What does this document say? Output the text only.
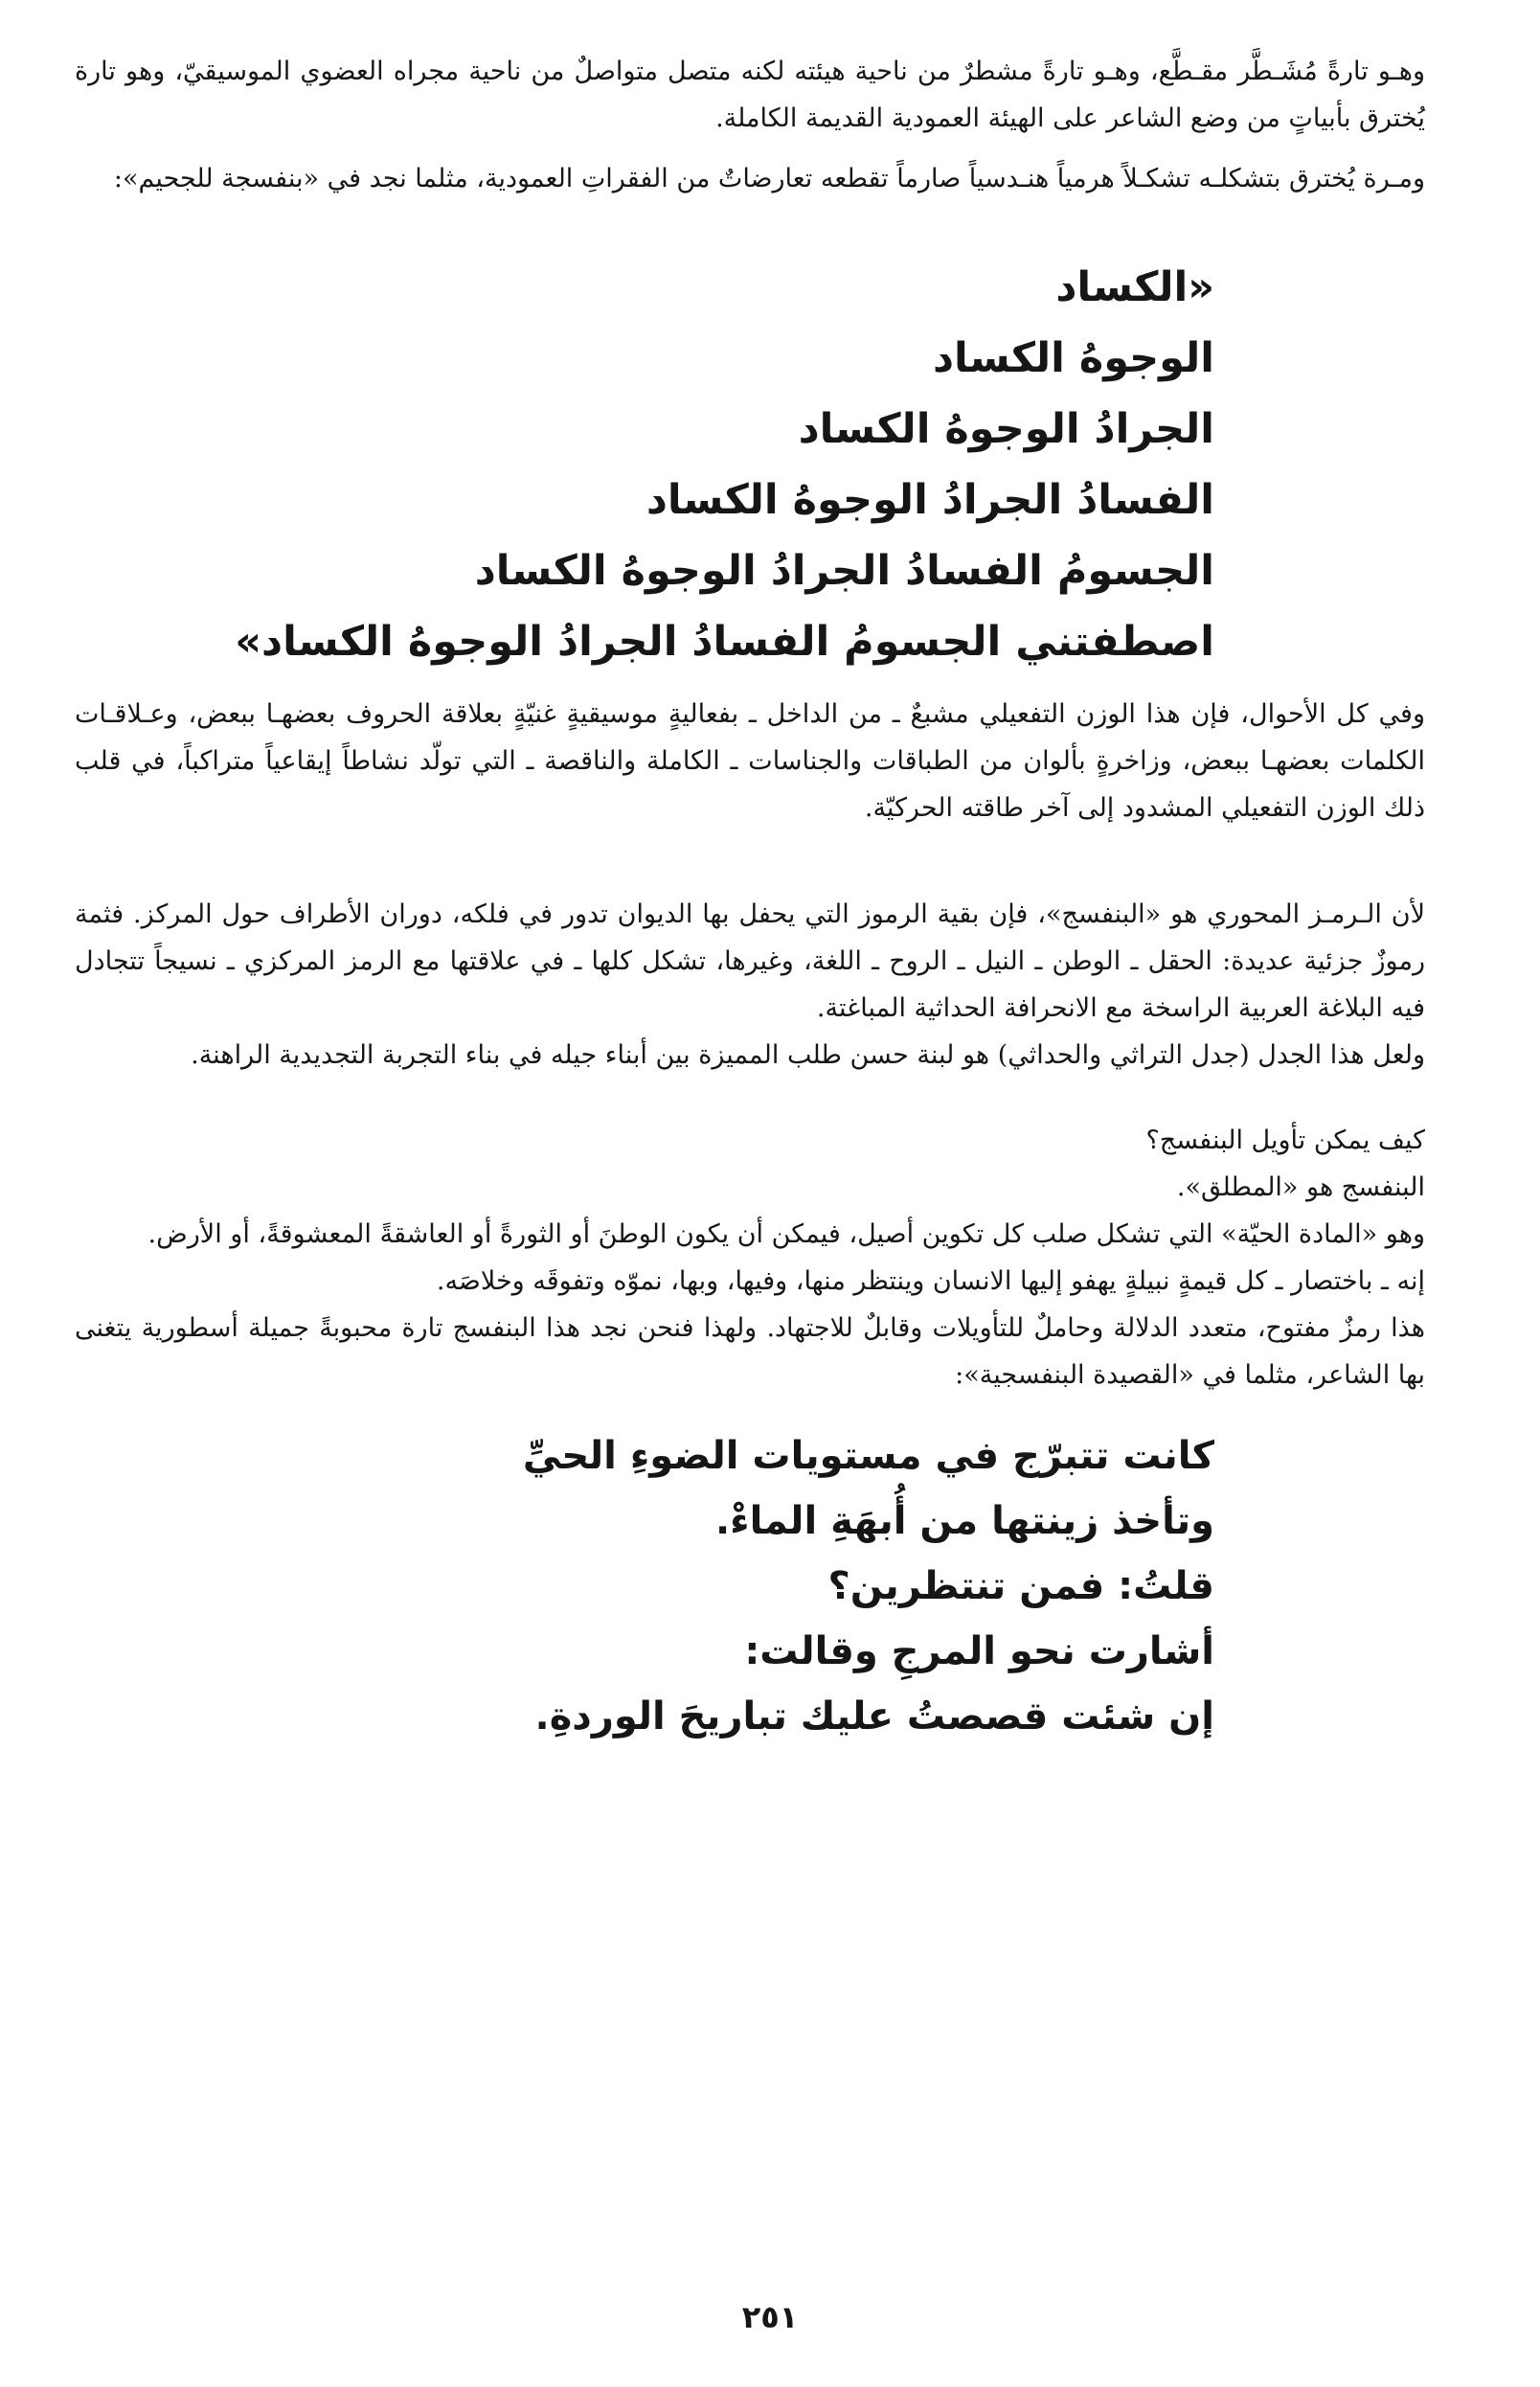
وهـو تارةً مُشَـطَّر مقـطَّع، وهـو تارةً مشطرٌ من ناحية هيئته لكنه متصل متواصلٌ من ناحية مجراه العضوي الموسيقيّ، وهو تارة يُخترق بأبياتٍ من وضع الشاعر على الهيئة العمودية القديمة الكاملة.

ومـرة يُخترق بتشكلـه تشكـلاً هرمياً هنـدسياً صارماً تقطعه تعارضاتٌ من الفقراتِ العمودية، مثلما نجد في «بنفسجة للجحيم»:

«الكساد
الوجوهُ الكساد
الجرادُ الوجوهُ الكساد
الفسادُ الجرادُ الوجوهُ الكساد
الجسومُ الفسادُ الجرادُ الوجوهُ الكساد
اصطفتني الجسومُ الفسادُ الجرادُ الوجوهُ الكساد»

وفي كل الأحوال، فإن هذا الوزن التفعيلي مشبعٌ ـ من الداخل ـ بفعاليةٍ موسيقيةٍ غنيّةٍ بعلاقة الحروف بعضهـا ببعض، وعـلاقـات الكلمات بعضهـا ببعض، وزاخرةٍ بألوان من الطباقات والجناسات ـ الكاملة والناقصة ـ التي تولّد نشاطاً إيقاعياً متراكباً، في قلب ذلك الوزن التفعيلي المشدود إلى آخر طاقته الحركيّة.

لأن الـرمـز المحوري هو «البنفسج»، فإن بقية الرموز التي يحفل بها الديوان تدور في فلكه، دوران الأطراف حول المركز. فثمة رموزٌ جزئية عديدة: الحقل ـ الوطن ـ النيل ـ الروح ـ اللغة، وغيرها، تشكل كلها ـ في علاقتها مع الرمز المركزي ـ نسيجاً تتجادل فيه البلاغة العربية الراسخة مع الانحرافة الحداثية المباغتة.

ولعل هذا الجدل (جدل التراثي والحداثي) هو لبنة حسن طلب المميزة بين أبناء جيله في بناء التجربة التجديدية الراهنة.

كيف يمكن تأويل البنفسج؟

البنفسج هو «المطلق».

وهو «المادة الحيّة» التي تشكل صلب كل تكوين أصيل، فيمكن أن يكون الوطنَ أو الثورةً أو العاشقةً المعشوقةً، أو الأرض.

إنه ـ باختصار ـ كل قيمةٍ نبيلةٍ يهفو إليها الانسان وينتظر منها، وفيها، وبها، نموّه وتفوقَه وخلاصَه.

هذا رمزٌ مفتوح، متعدد الدلالة وحاملٌ للتأويلات وقابلٌ للاجتهاد. ولهذا فنحن نجد هذا البنفسج تارة محبوبةً جميلة أسطورية يتغنى بها الشاعر، مثلما في «القصيدة البنفسجية»:

كانت تتبرّج في مستويات الضوءِ الحيِّ
وتأخذ زينتها من أُبهَةِ الماءْ.
قلتُ: فمن تنتظرين؟
أشارت نحو المرجِ وقالت:
إن شئت قصصتُ عليك تباريحَ الوردةِ.
٢٥١
